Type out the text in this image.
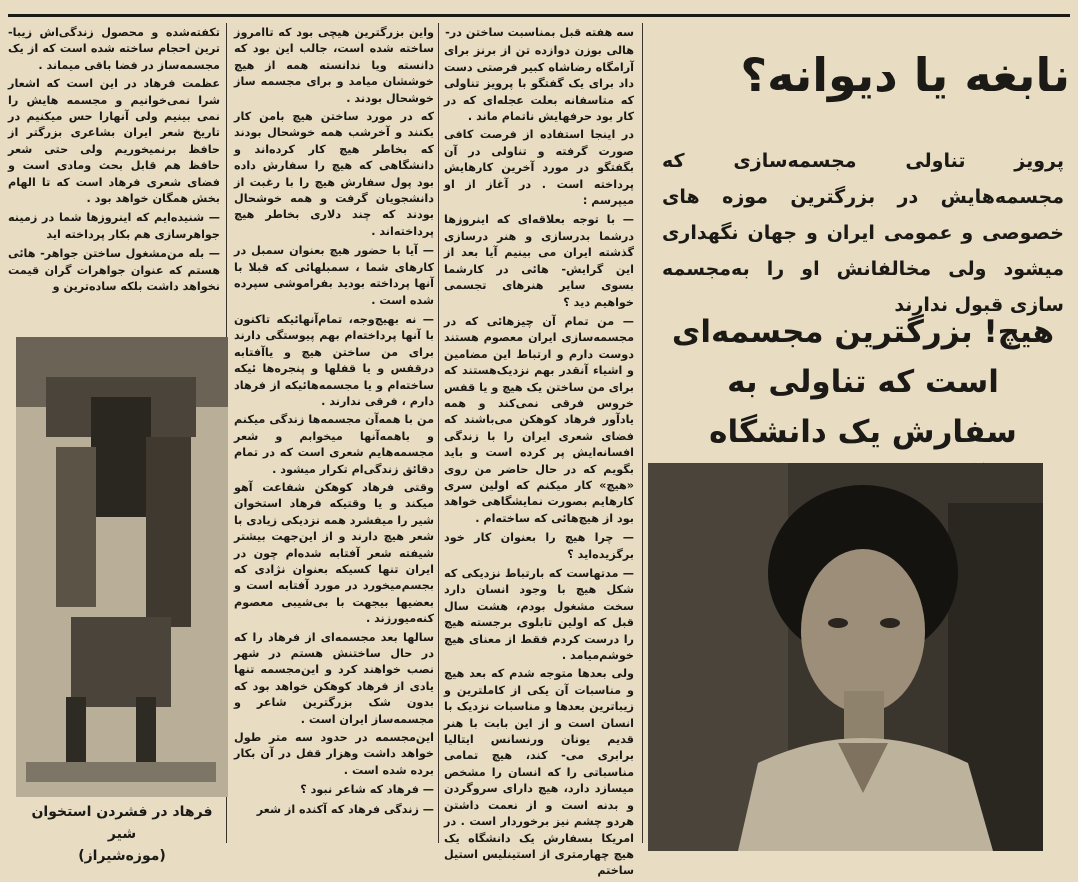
تکفته‌شده و محصول زندگی‌اش زیبا- ترین احجام ساخته شده است که از یک مجسمه‌ساز در فضا باقی میماند .

عظمت فرهاد در این است که اشعار شرا نمی‌خوانیم و مجسمه هایش را نمی بینیم ولی آنهارا حس میکنیم در تاریخ شعر ایران بشاعری بزرگتر از حافظ برنمیخوریم ولی حتی شعر حافظ هم قابل بحث ومادی است و فضای شعری فرهاد است که تا الهام بخش همگان خواهد بود .

— شنیده‌ایم که اینروزها شما در زمینه جواهرسازی هم بکار پرداخته اید

— بله من‌مشغول ساختن جواهر- هائی هستم که عنوان جواهرات گران قیمت نخواهد داشت بلکه ساده‌ترین و

واین بزرگترین هیچی بود که تاامروز ساخته شده است، جالب این بود که دانسته ویا ندانسته همه از هیچ خوششان میامد و برای مجسمه ساز خوشحال بودند .

که در مورد ساختن هیچ بامن کار بکنند و آخرشب همه خوشحال بودند که بخاطر هیچ کار کرده‌اند و دانشگاهی که هیچ را سفارش داده بود پول سفارش هیچ را با رغبت از دانشجویان گرفت و همه خوشحال بودند که چند دلاری بخاطر هیچ پرداخته‌اند .

— آیا با حضور هیچ بعنوان سمبل در کارهای شما ، سمبلهائی که قبلا با آنها پرداخته بودید بفراموشی سپرده شده است .

— نه بهیچ‌وجه، تمام‌آنهائیکه تاکنون با آنها پرداخته‌ام بهم پیوستگی دارند برای من ساختن هیچ و یاآفتابه درقفس و یا قفلها و پنجره‌ها ئیکه ساخته‌ام و یا مجسمه‌هائیکه از فرهاد دارم ، فرقی ندارند .

من با همه‌آن مجسمه‌ها زندگی میکنم و باهمه‌آنها میخوابم و شعر مجسمه‌هایم شعری است که در تمام دقائق زندگی‌ام تکرار میشود .

وقتی فرهاد کوهکن شفاعت آهو میکند و یا وقتیکه فرهاد استخوان شیر را میفشرد همه نزدیکی زیادی با شعر هیچ دارند و از این‌جهت بیشتر شیفته شعر آفتابه شده‌ام چون در ایران تنها کسیکه بعنوان نژادی که بجسم‌میخورد در مورد آفتابه است و بعضیها بیجهت با بی‌شیبی معصوم کنه‌میورزند .

سالها بعد مجسمه‌ای از فرهاد را که در حال ساختنش هستم در شهر نصب خواهند کرد و این‌مجسمه تنها یادی از فرهاد کوهکن خواهد بود که بدون شک بزرگترین شاعر و مجسمه‌ساز ایران است .

این‌مجسمه در حدود سه متر طول خواهد داشت وهزار قفل در آن بکار برده شده است .

— فرهاد که شاعر نبود ؟

— زندگی فرهاد که آکنده از شعر

سه هفته قبل بمناسبت ساختن در-

هالی بوزن دوازده تن از برنز برای آرامگاه رضاشاه کبیر فرصتی دست داد برای یک گفتگو با پرویز تناولی که متاسفانه بعلت عجله‌ای که در کار بود حرفهایش ناتمام ماند .

در اینجا استفاده از فرصت کافی صورت گرفته و تناولی در آن بگفتگو در مورد آخرین کارهایش پرداخته است . در آغاز از او میپرسم :

— با توجه بعلاقه‌ای که اینروزها درشما بدرسازی و هنر درسازی گذشته ایران می بینیم آیا بعد از این گرایش- هائی در کارشما بسوی سایر هنرهای تجسمی خواهیم دید ؟

— من تمام آن چیزهائی که در مجسمه‌سازی ایران معصوم هستند دوست دارم و ارتباط این مضامین و اشیاء آنقدر بهم نزدیک‌هستند که برای من ساختن یک هیچ و یا قفس خروس فرقی نمی‌کند و همه یادآور فرهاد کوهکن می‌باشند که فضای شعری ایران را با زندگی افسانه‌ایش پر کرده است و باید بگویم که در حال حاضر من روی «هیچ» کار میکنم که اولین سری کارهایم بصورت نمایشگاهی خواهد بود از هیچ‌هائی که ساخته‌ام .

— چرا هیچ را بعنوان کار خود برگزیده‌اید ؟

— مدتهاست که بارتباط نزدیکی که شکل هیچ با وجود انسان دارد سخت مشغول بودم، هشت سال قبل که اولین تابلوی برجسته هیچ را درست کردم فقط از معنای هیچ خوشم‌میامد .

ولی بعدها متوجه شدم که بعد هیچ و مناسبات آن یکی از کاملترین و زیباترین بعدها و مناسبات نزدیک با انسان است و از این بابت با هنر قدیم یونان ورنسانس ایتالیا برابری می- کند، هیچ تمامی مناسباتی را که انسان را مشخص میسازد دارد، هیچ دارای سروگردن و بدنه است و از نعمت داشتن هردو چشم نیز برخوردار است . در امریکا بسفارش یک دانشگاه یک هیچ چهارمتری از استینلیس استیل ساختم

نابغه یا دیوانه؟
پرویز تناولی مجسمه‌سازی که مجسمه‌هایش در بزرگترین موزه های خصوصی و عمومی ایران و جهان نگهداری میشود ولی مخالفانش او را به‌مجسمه سازی قبول ندارند
هیچ! بزرگترین مجسمه‌ای است که تناولی به سفارش یک دانشگاه
فرهاد در فشردن استخوان شیر
(موزه‌شیراز)
